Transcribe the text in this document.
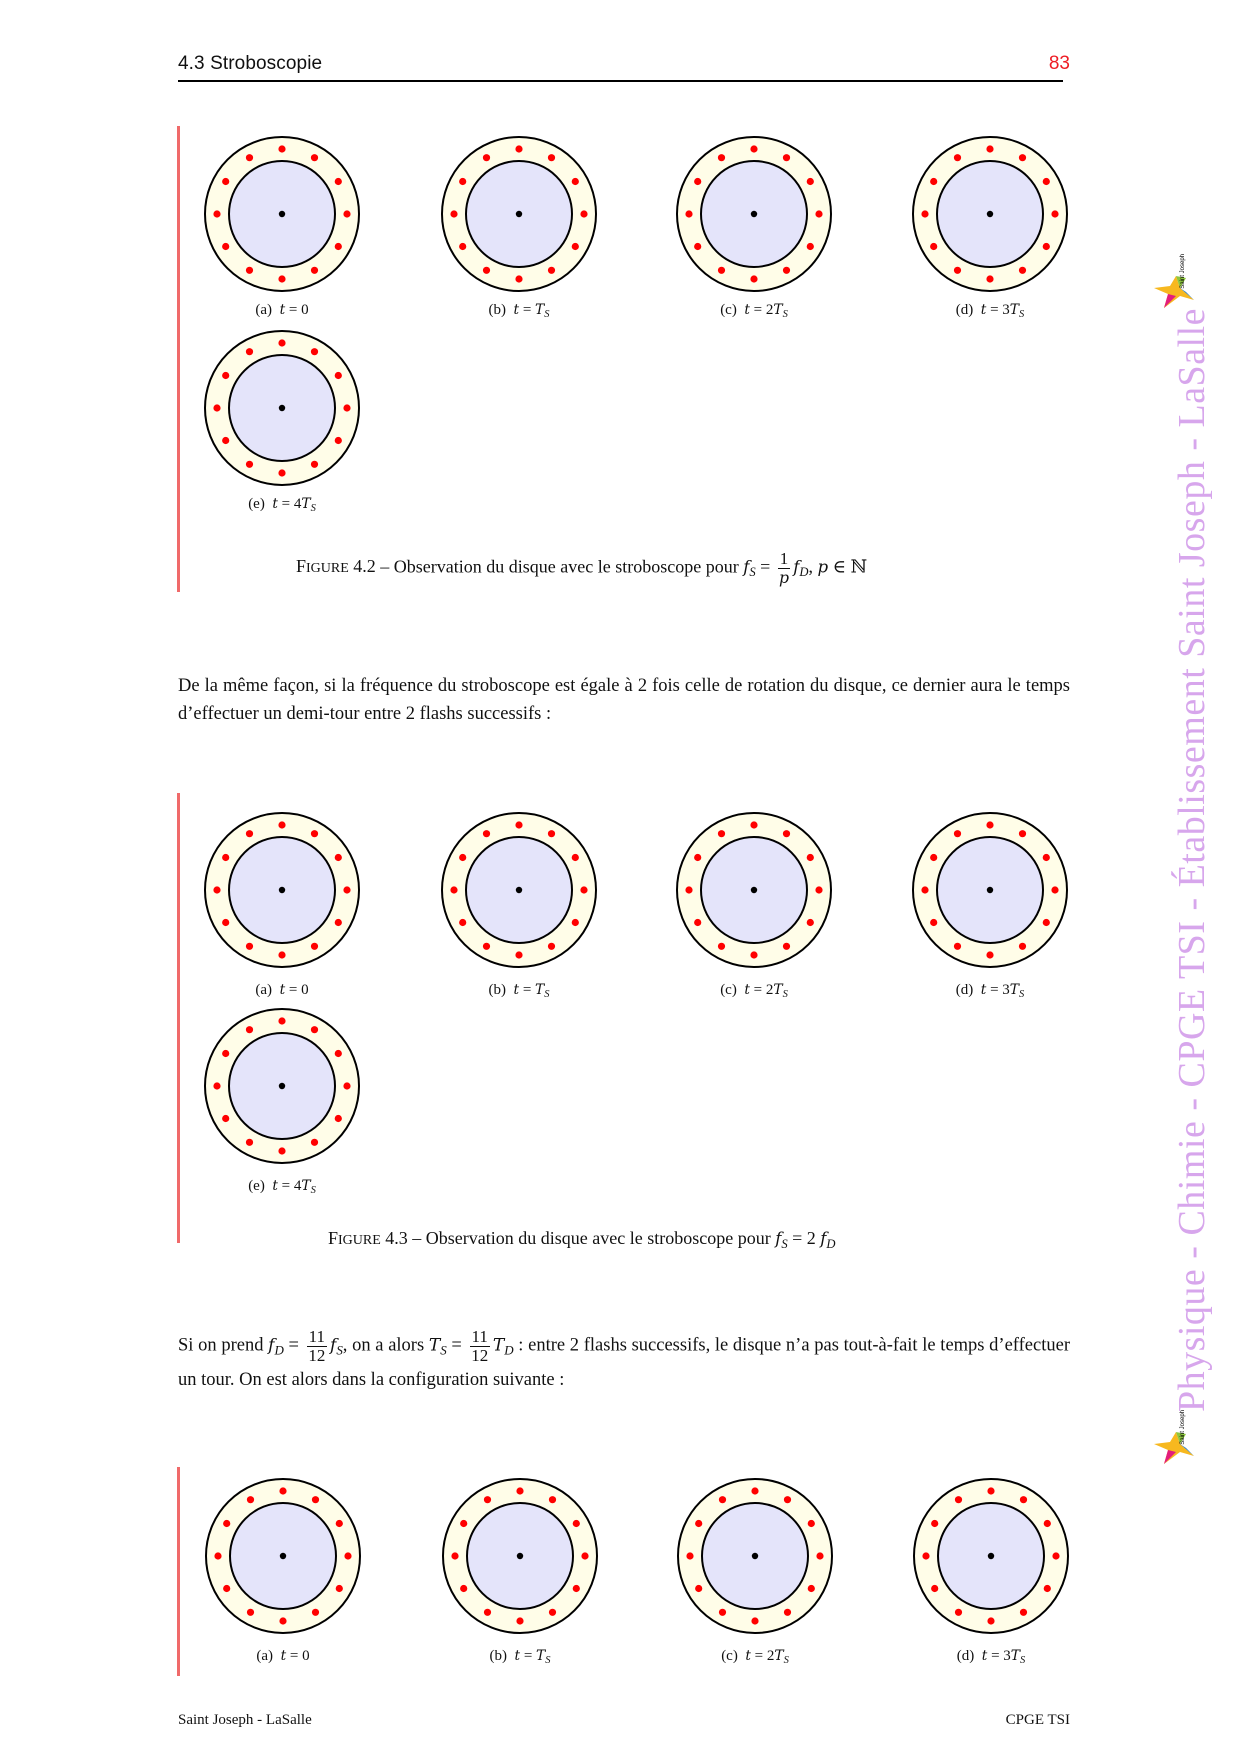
4.3 Stroboscopie	83
(a) t = 0	(b) $t = T_S$	(c) $t = 2T_S$	(d) $t = 3T_S$
(e) $t = 4T_S$
FIGURE 4.2 – Observation du disque avec le stroboscope pour $f_S = \frac{1}{p} f_D$, p ∈ ℕ
De la même façon, si la fréquence du stroboscope est égale à 2 fois celle de rotation du disque, ce dernier aura le temps d’effectuer un demi-tour entre 2 flashs successifs :
(a) t = 0	(b) $t = T_S$	(c) $t = 2T_S$	(d) $t = 3T_S$
(e) $t = 4T_S$
FIGURE 4.3 – Observation du disque avec le stroboscope pour $f_S = 2$ $f_D$
Si on prend $f_D = \frac{11}{12} f_S$, on a alors $T_S = \frac{11}{12} T_D$ : entre 2 flashs successifs, le disque n’a pas tout-à-fait le temps d’effectuer un tour. On est alors dans la configuration suivante :
(a) t = 0	(b) $t = T_S$	(c) $t = 2T_S$	(d) $t = 3T_S$
Saint Joseph - LaSalle	CPGE TSI
Physique - Chimie - CPGE TSI - Établissement Saint Joseph - LaSalle
Saint Joseph
Saint Joseph
